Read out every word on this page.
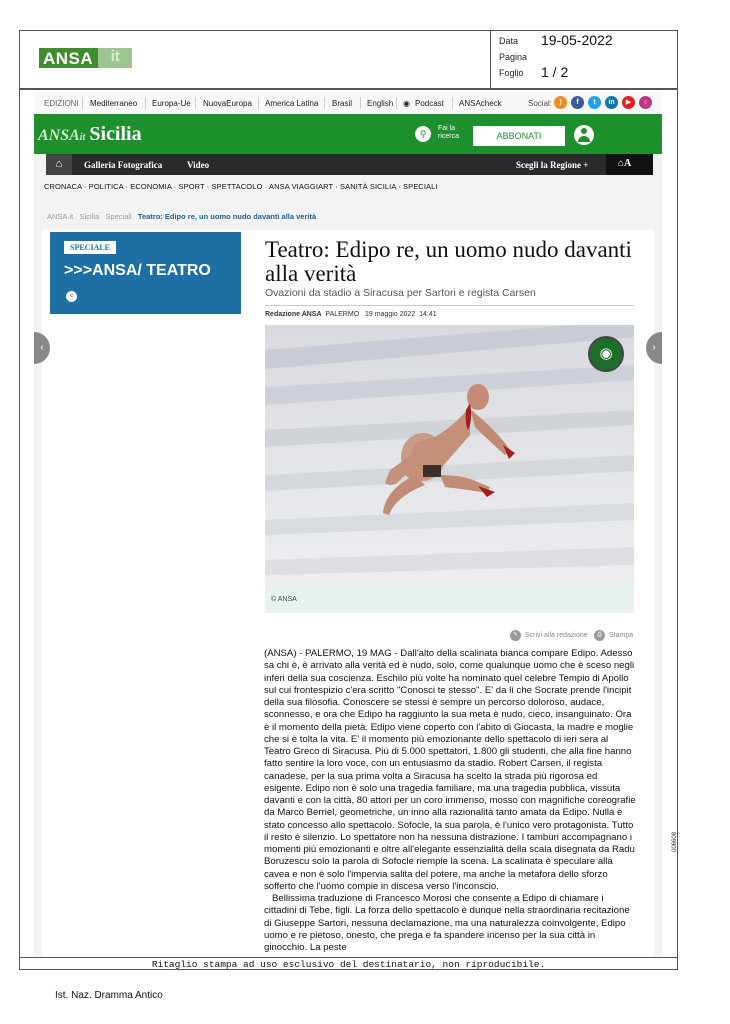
ANSA it
Data 19-05-2022
Pagina
Foglio 1 / 2
EDIZIONI Mediterraneo Europa-Ue NuovaEuropa America Latina Brasil English ◉ Podcast ANSAcheck	Social:	)	f	t	in	▶	○
ANSAit Sicilia	⚲
Fai la
ricerca	ABBONATI
⌂	Galleria Fotografica	Video	Scegli la Regione +	⌂A
CRONACA · POLITICA · ECONOMIA · SPORT · SPETTACOLO · ANSA VIAGGIART · SANITÀ SICILIA · SPECIALI
ANSA.it Sicilia Speciali Teatro: Edipo re, un uomo nudo davanti alla verità
SPECIALE
>>>ANSA/ TEATRO
<
Teatro: Edipo re, un uomo nudo davanti alla verità
Ovazioni da stadio a Siracusa per Sartori e regista Carsen
Redazione ANSA PALERMO 19 maggio 2022 14:41
◉
© ANSA
✎ Scrivi alla redazione	⎙	Stampa

(ANSA) - PALERMO, 19 MAG - Dall'alto della scalinata bianca compare Edipo. Adesso sa chi è, è arrivato alla verità ed è nudo, solo, come qualunque uomo che è sceso negli inferi della sua coscienza. Eschilo più volte ha nominato quel celebre Tempio di Apollo sul cui frontespizio c'era scritto "Conosci te stesso". E' da lì che Socrate prende l'incipit della sua filosofia. Conoscere se stessi è sempre un percorso doloroso, audace, sconnesso, e ora che Edipo ha raggiunto la sua meta è nudo, cieco, insanguinato. Ora è il momento della pietà. Edipo viene coperto con l'abito di Giocasta, la madre e moglie che si è tolta la vita. E' il momento più emozionante dello spettacolo di ieri sera al Teatro Greco di Siracusa. Più di 5.000 spettatori, 1.800 gli studenti, che alla fine hanno fatto sentire la loro voce, con un entusiasmo da stadio. Robert Carsen, il regista canadese, per la sua prima volta a Siracusa ha scelto la strada più rigorosa ed esigente. Edipo non è solo una tragedia familiare, ma una tragedia pubblica, vissuta davanti e con la città, 80 attori per un coro immenso, mosso con magnifiche coreografie da Marco Berriel, geometriche, un inno alla razionalità tanto amata da Edipo. Nulla è stato concesso allo spettacolo. Sofocle, la sua parola, è l'unico vero protagonista. Tutto il resto è silenzio. Lo spettatore non ha nessuna distrazione. I tamburi accompagnano i momenti più emozionanti e oltre all'elegante essenzialità della scala disegnata da Radu Boruzescu solo la parola di Sofocle riempie la scena. La scalinata è speculare alla cavea e non è solo l'impervia salita del potere, ma anche la metafora dello sforzo sofferto che l'uomo compie in discesa verso l'inconscio.

Bellissima traduzione di Francesco Morosi che consente a Edipo di chiamare i cittadini di Tebe, figli. La forza dello spettacolo è dunque nella straordinaria recitazione di Giuseppe Sartori, nessuna declamazione, ma una naturalezza coinvolgente, Edipo uomo e re pietoso, onesto, che prega e fa spandere incenso per la sua città in ginocchio. La peste

‹	›
Ritaglio stampa ad uso esclusivo del destinatario, non riproducibile.
006608
Ist. Naz. Dramma Antico
